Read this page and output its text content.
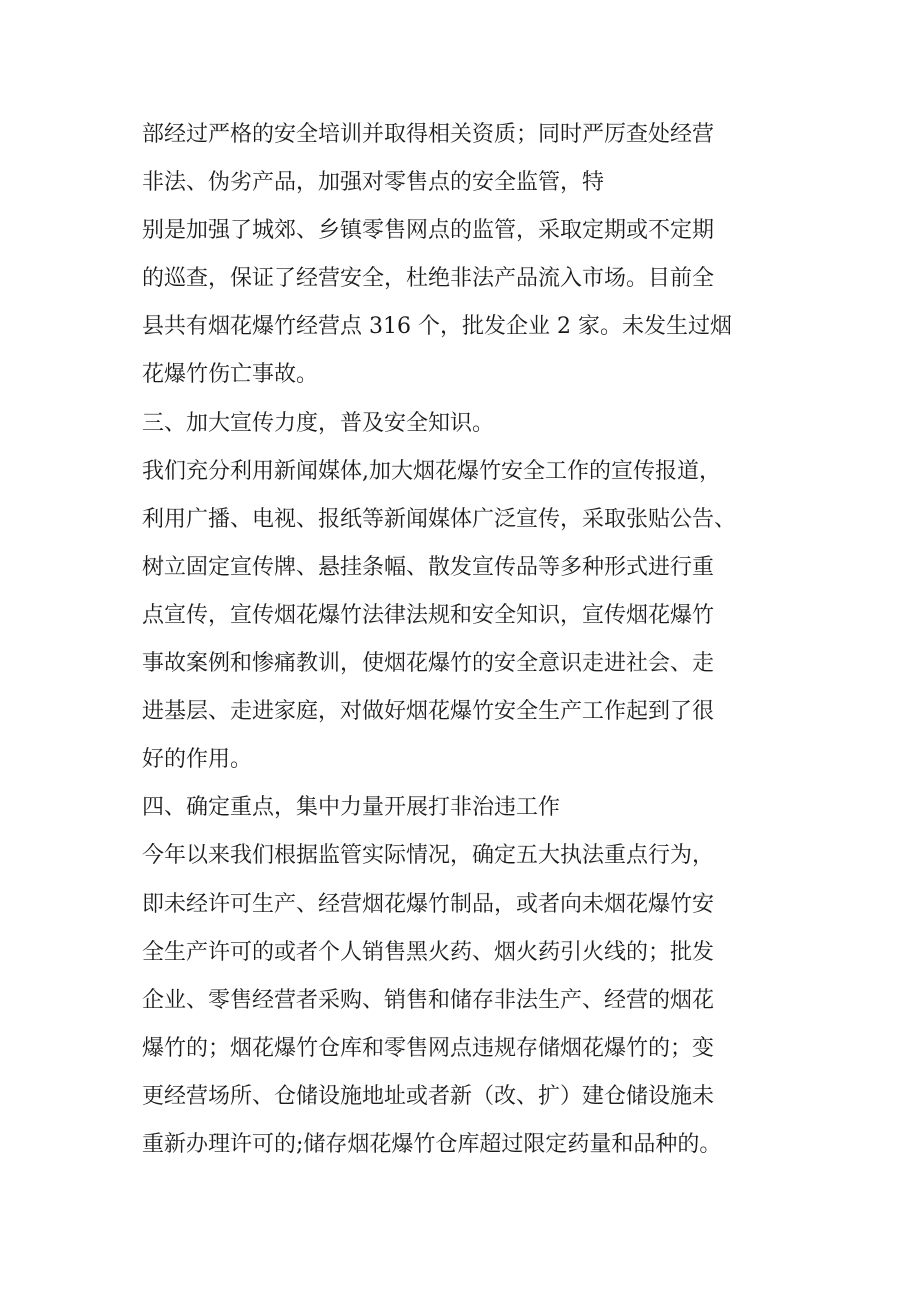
部经过严格的安全培训并取得相关资质；同时严厉查处经营
非法、伪劣产品，加强对零售点的安全监管，特
别是加强了城郊、乡镇零售网点的监管，采取定期或不定期
的巡查，保证了经营安全，杜绝非法产品流入市场。目前全
县共有烟花爆竹经营点 316 个，批发企业 2 家。未发生过烟
花爆竹伤亡事故。
三、加大宣传力度，普及安全知识。
我们充分利用新闻媒体,加大烟花爆竹安全工作的宣传报道，
利用广播、电视、报纸等新闻媒体广泛宣传，采取张贴公告、
树立固定宣传牌、悬挂条幅、散发宣传品等多种形式进行重
点宣传，宣传烟花爆竹法律法规和安全知识，宣传烟花爆竹
事故案例和惨痛教训，使烟花爆竹的安全意识走进社会、走
进基层、走进家庭，对做好烟花爆竹安全生产工作起到了很
好的作用。
四、确定重点，集中力量开展打非治违工作
今年以来我们根据监管实际情况，确定五大执法重点行为，
即未经许可生产、经营烟花爆竹制品，或者向未烟花爆竹安
全生产许可的或者个人销售黑火药、烟火药引火线的；批发
企业、零售经营者采购、销售和储存非法生产、经营的烟花
爆竹的；烟花爆竹仓库和零售网点违规存储烟花爆竹的；变
更经营场所、仓储设施地址或者新（改、扩）建仓储设施未
重新办理许可的;储存烟花爆竹仓库超过限定药量和品种的。
